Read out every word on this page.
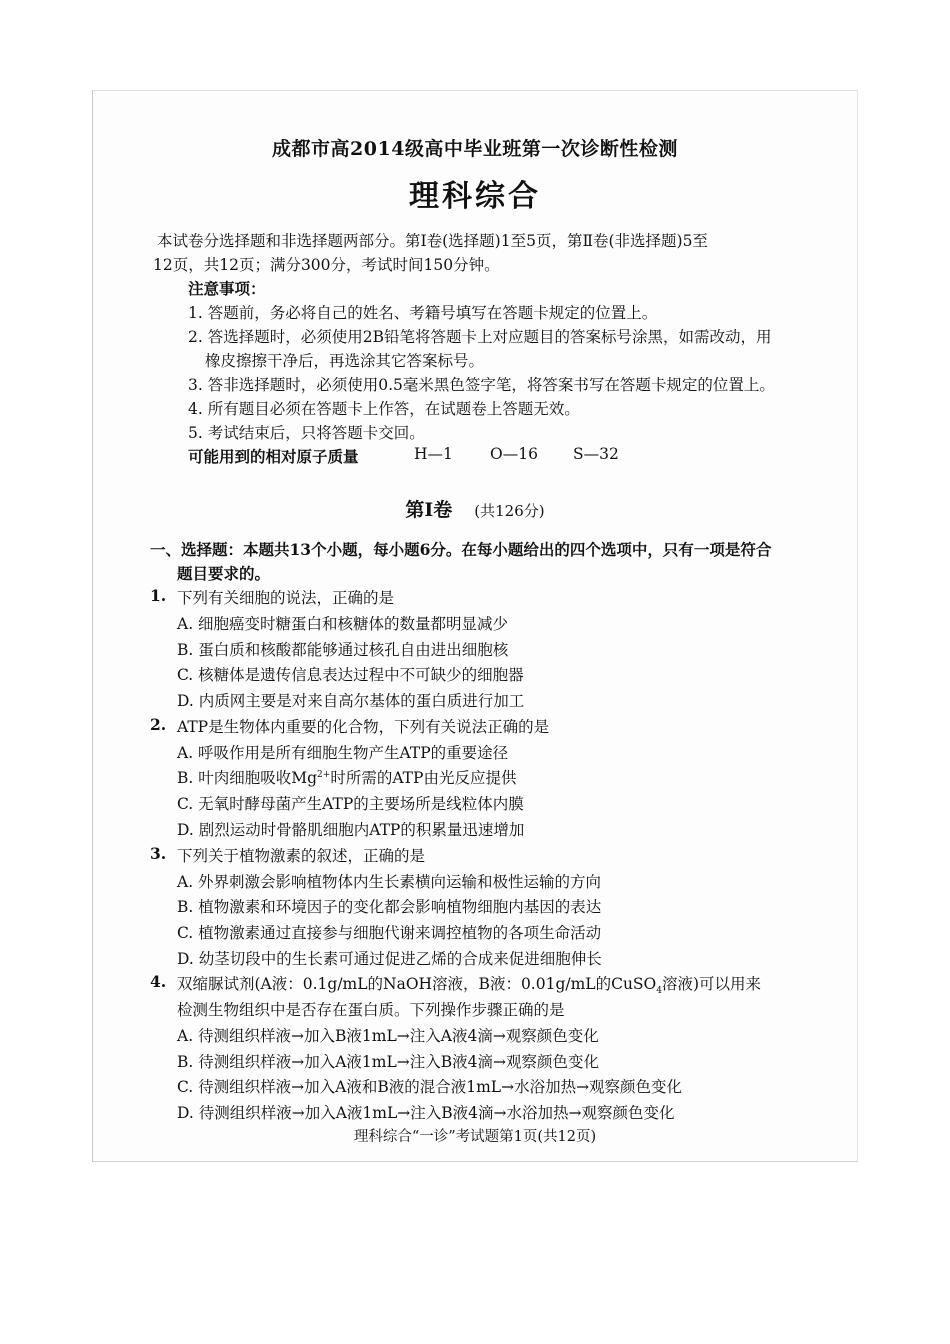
成都市高2014级高中毕业班第一次诊断性检测
理科综合
本试卷分选择题和非选择题两部分。第Ⅰ卷(选择题)1至5页，第Ⅱ卷(非选择题)5至
12页，共12页；满分300分，考试时间150分钟。
注意事项：
1. 答题前，务必将自己的姓名、考籍号填写在答题卡规定的位置上。
2. 答选择题时，必须使用2B铅笔将答题卡上对应题目的答案标号涂黑，如需改动，用
橡皮擦擦干净后，再选涂其它答案标号。
3. 答非选择题时，必须使用0.5毫米黑色签字笔，将答案书写在答题卡规定的位置上。
4. 所有题目必须在答题卡上作答，在试题卷上答题无效。
5. 考试结束后，只将答题卡交回。
可能用到的相对原子质量	H—1 O—16 S—32
第Ⅰ卷 (共126分)
一、选择题：本题共13个小题，每小题6分。在每小题给出的四个选项中，只有一项是符合
题目要求的。
1. 下列有关细胞的说法，正确的是
A. 细胞癌变时糖蛋白和核糖体的数量都明显减少
B. 蛋白质和核酸都能够通过核孔自由进出细胞核
C. 核糖体是遗传信息表达过程中不可缺少的细胞器
D. 内质网主要是对来自高尔基体的蛋白质进行加工
2. ATP是生物体内重要的化合物，下列有关说法正确的是
A. 呼吸作用是所有细胞生物产生ATP的重要途径
B. 叶肉细胞吸收$Mg^{2+}$时所需的ATP由光反应提供
C. 无氧时酵母菌产生ATP的主要场所是线粒体内膜
D. 剧烈运动时骨骼肌细胞内ATP的积累量迅速增加
3. 下列关于植物激素的叙述，正确的是
A. 外界刺激会影响植物体内生长素横向运输和极性运输的方向
B. 植物激素和环境因子的变化都会影响植物细胞内基因的表达
C. 植物激素通过直接参与细胞代谢来调控植物的各项生命活动
D. 幼茎切段中的生长素可通过促进乙烯的合成来促进细胞伸长
4. 双缩脲试剂(A液：0.1g/mL的NaOH溶液，B液：0.01g/mL的CuSO$_4$溶液)可以用来
检测生物组织中是否存在蛋白质。下列操作步骤正确的是
A. 待测组织样液→加入B液1mL→注入A液4滴→观察颜色变化
B. 待测组织样液→加入A液1mL→注入B液4滴→观察颜色变化
C. 待测组织样液→加入A液和B液的混合液1mL→水浴加热→观察颜色变化
D. 待测组织样液→加入A液1mL→注入B液4滴→水浴加热→观察颜色变化
理科综合“一诊”考试题第1页(共12页)
